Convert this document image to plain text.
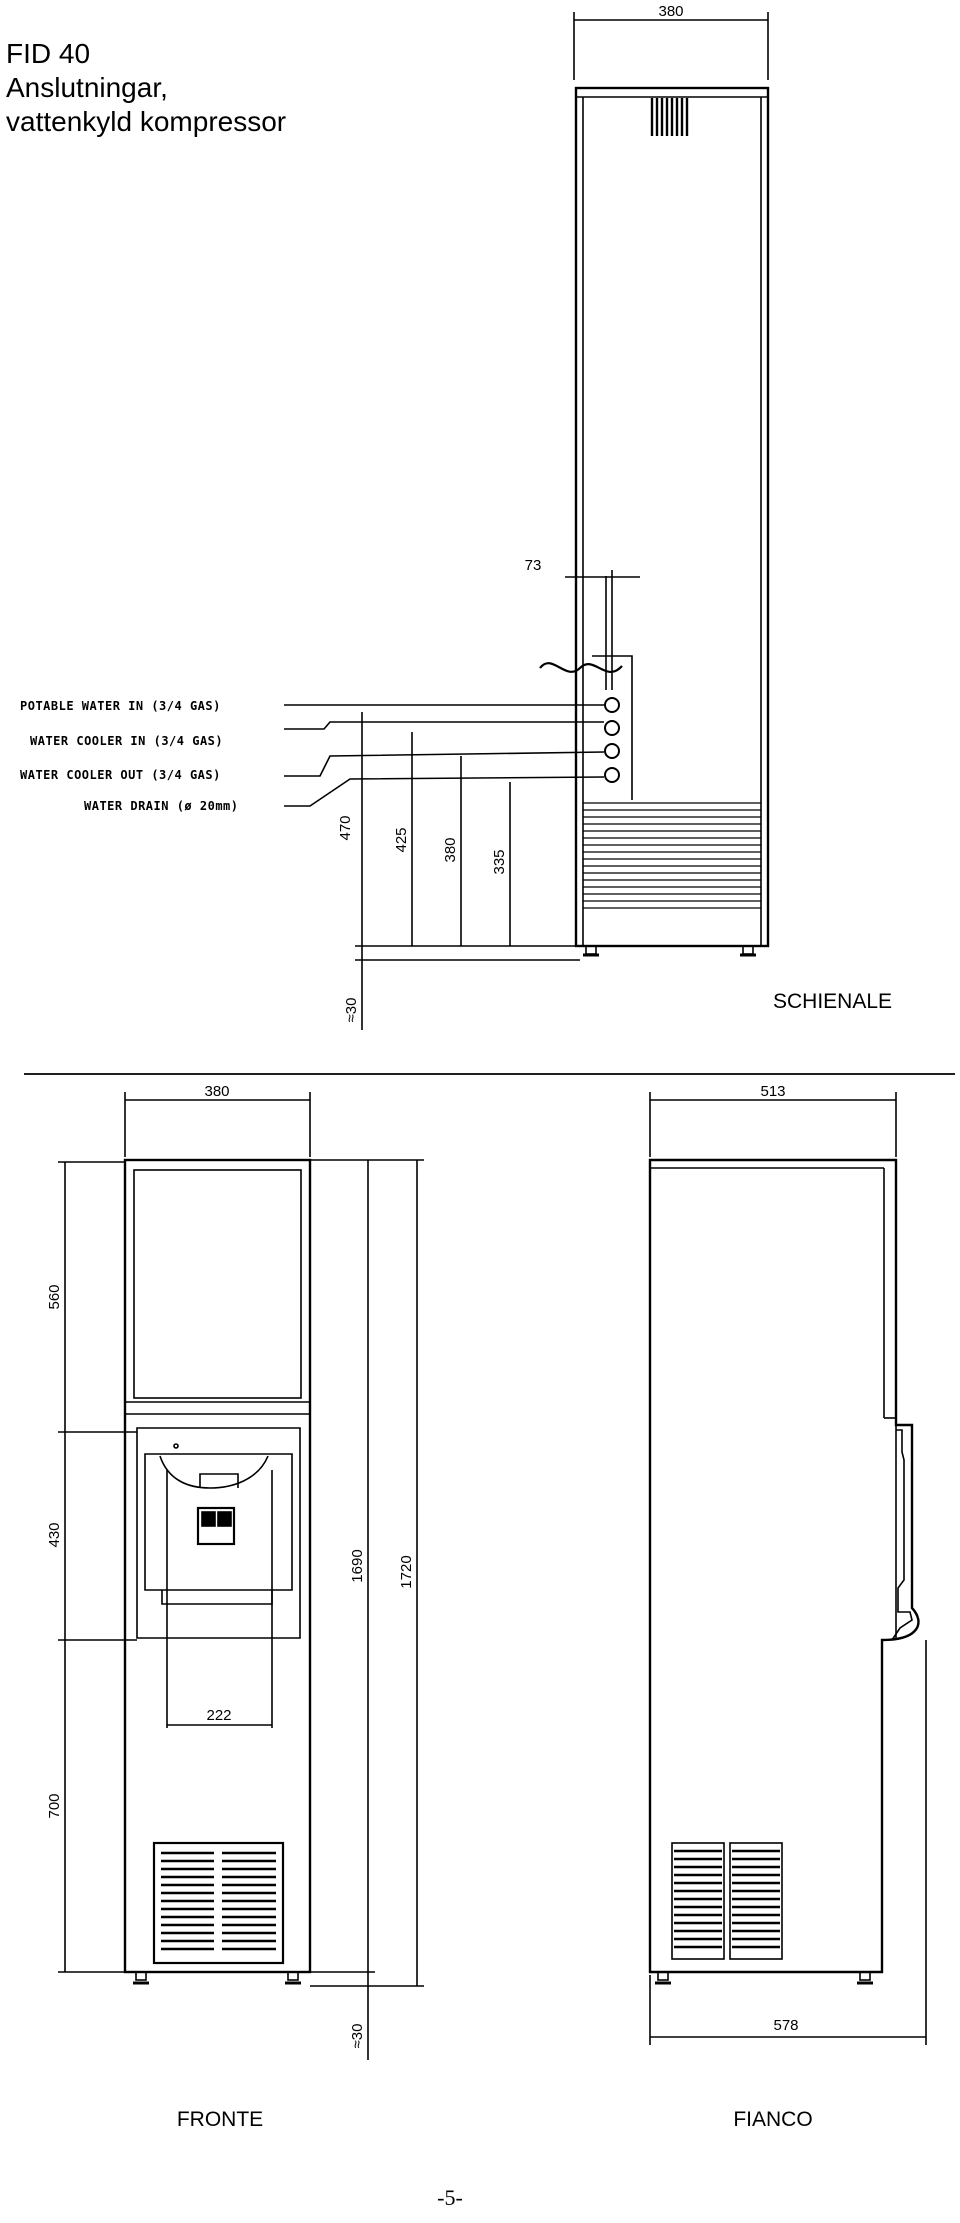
FID 40
Anslutningar,
vattenkyld kompressor
380
73
POTABLE WATER IN (3/4 GAS)
WATER COOLER IN (3/4 GAS)
WATER COOLER OUT (3/4 GAS)
WATER DRAIN (ø 20mm)
470	425 380 335
≈30	SCHIENALE
380
560
430
700
222
1690 1720
≈30
FRONTE
513
578
FIANCO
-5-
